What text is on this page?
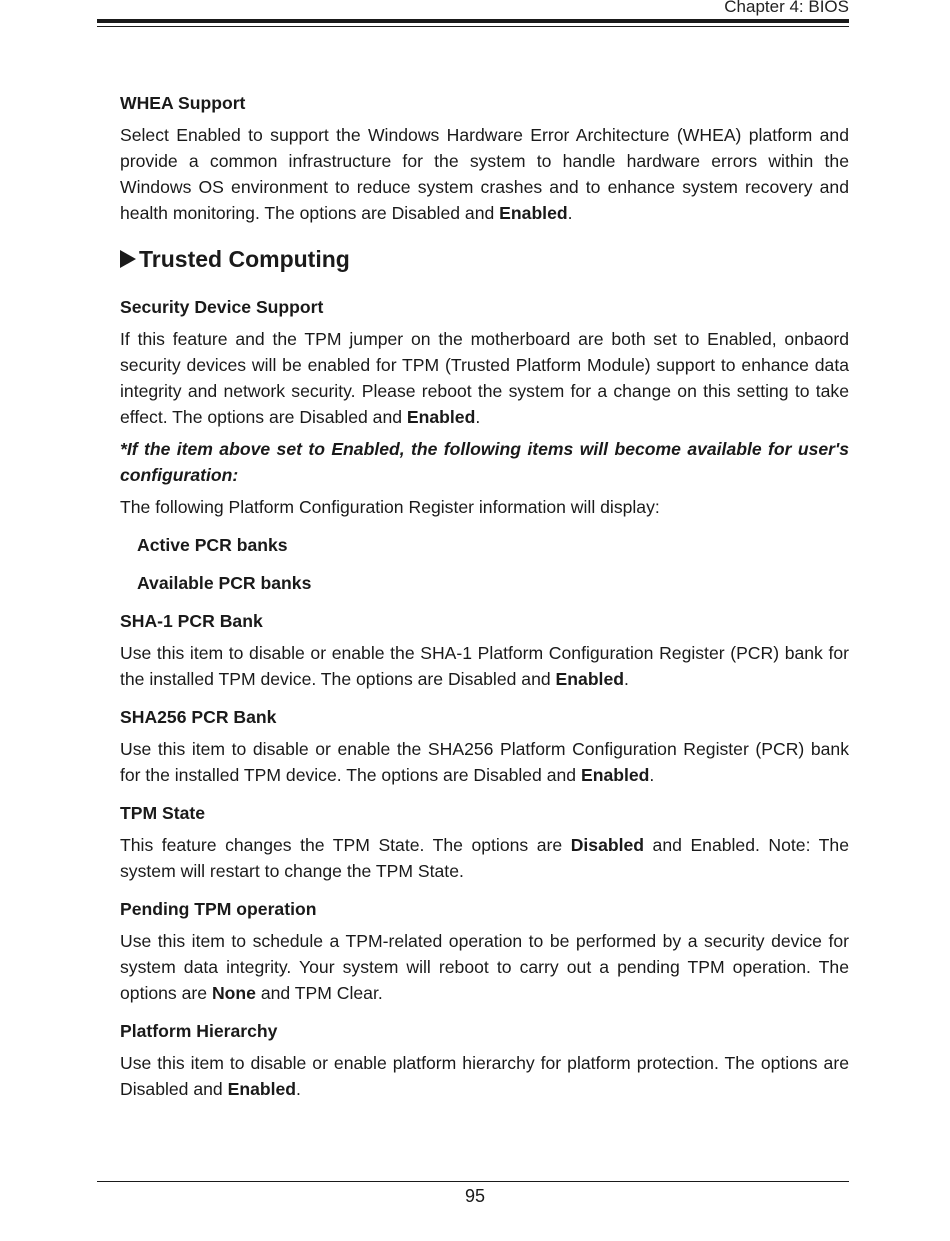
Chapter 4: BIOS
WHEA Support

Select Enabled to support the Windows Hardware Error Architecture (WHEA) platform and provide a common infrastructure for the system to handle hardware errors within the Windows OS environment to reduce system crashes and to enhance system recovery and health monitoring. The options are Disabled and Enabled.

Trusted Computing
Security Device Support

If this feature and the TPM jumper on the motherboard are both set to Enabled, onbaord security devices will be enabled for TPM (Trusted Platform Module) support to enhance data integrity and network security. Please reboot the system for a change on this setting to take effect. The options are Disabled and Enabled.

*If the item above set to Enabled, the following items will become available for user's configuration:

The following Platform Configuration Register information will display:

Active PCR banks
Available PCR banks
SHA-1 PCR Bank

Use this item to disable or enable the SHA-1 Platform Configuration Register (PCR) bank for the installed TPM device. The options are Disabled and Enabled.

SHA256 PCR Bank

Use this item to disable or enable the SHA256 Platform Configuration Register (PCR) bank for the installed TPM device. The options are Disabled and Enabled.

TPM State

This feature changes the TPM State. The options are Disabled and Enabled. Note: The system will restart to change the TPM State.

Pending TPM operation

Use this item to schedule a TPM-related operation to be performed by a security device for system data integrity. Your system will reboot to carry out a pending TPM operation. The options are None and TPM Clear.

Platform Hierarchy

Use this item to disable or enable platform hierarchy for platform protection. The options are Disabled and Enabled.

95
